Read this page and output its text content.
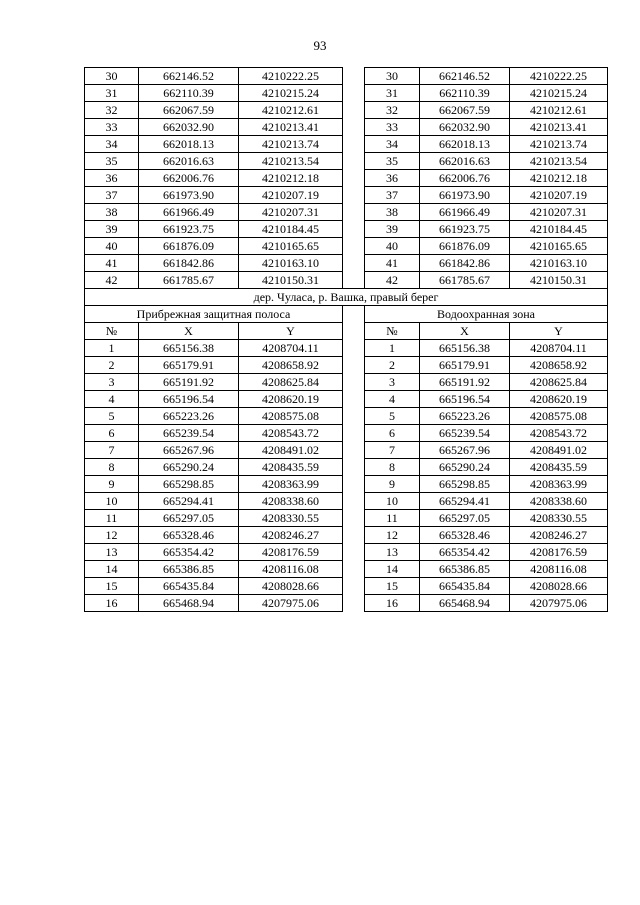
93
30	662146.52	4210222.25		30	662146.52	4210222.25
31	662110.39	4210215.24		31	662110.39	4210215.24
32	662067.59	4210212.61		32	662067.59	4210212.61
33	662032.90	4210213.41		33	662032.90	4210213.41
34	662018.13	4210213.74		34	662018.13	4210213.74
35	662016.63	4210213.54		35	662016.63	4210213.54
36	662006.76	4210212.18		36	662006.76	4210212.18
37	661973.90	4210207.19		37	661973.90	4210207.19
38	661966.49	4210207.31		38	661966.49	4210207.31
39	661923.75	4210184.45		39	661923.75	4210184.45
40	661876.09	4210165.65		40	661876.09	4210165.65
41	661842.86	4210163.10		41	661842.86	4210163.10
42	661785.67	4210150.31		42	661785.67	4210150.31
дер. Чуласа, р. Вашка, правый берег						
Прибрежная защитная полоса				Водоохранная зона		
№	X	Y		№	X	Y
1	665156.38	4208704.11		1	665156.38	4208704.11
2	665179.91	4208658.92		2	665179.91	4208658.92
3	665191.92	4208625.84		3	665191.92	4208625.84
4	665196.54	4208620.19		4	665196.54	4208620.19
5	665223.26	4208575.08		5	665223.26	4208575.08
6	665239.54	4208543.72		6	665239.54	4208543.72
7	665267.96	4208491.02		7	665267.96	4208491.02
8	665290.24	4208435.59		8	665290.24	4208435.59
9	665298.85	4208363.99		9	665298.85	4208363.99
10	665294.41	4208338.60		10	665294.41	4208338.60
11	665297.05	4208330.55		11	665297.05	4208330.55
12	665328.46	4208246.27		12	665328.46	4208246.27
13	665354.42	4208176.59		13	665354.42	4208176.59
14	665386.85	4208116.08		14	665386.85	4208116.08
15	665435.84	4208028.66		15	665435.84	4208028.66
16	665468.94	4207975.06		16	665468.94	4207975.06
